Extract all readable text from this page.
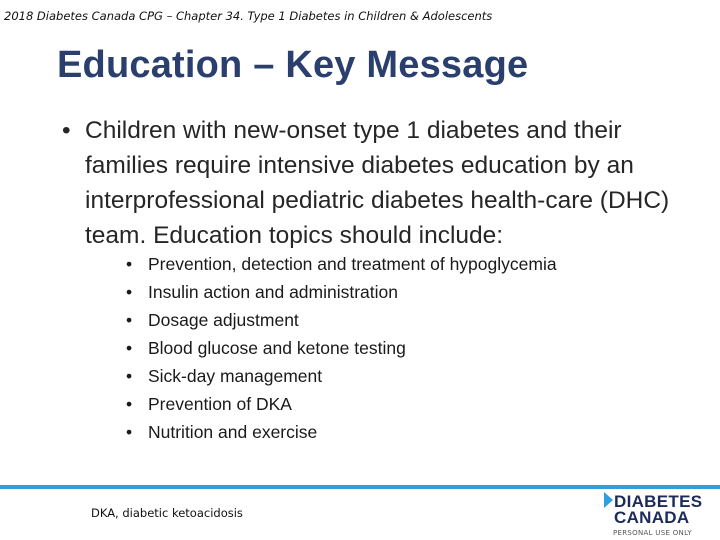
2018 Diabetes Canada CPG – Chapter 34. Type 1 Diabetes in Children & Adolescents
Education – Key Message
• Children with new-onset type 1 diabetes and their families require intensive diabetes education by an interprofessional pediatric diabetes health-care (DHC) team. Education topics should include:
• Prevention, detection and treatment of hypoglycemia
• Insulin action and administration
• Dosage adjustment
• Blood glucose and ketone testing
• Sick-day management
• Prevention of DKA
• Nutrition and exercise
DKA, diabetic ketoacidosis
DIABETES
CANADA
PERSONAL USE ONLY
